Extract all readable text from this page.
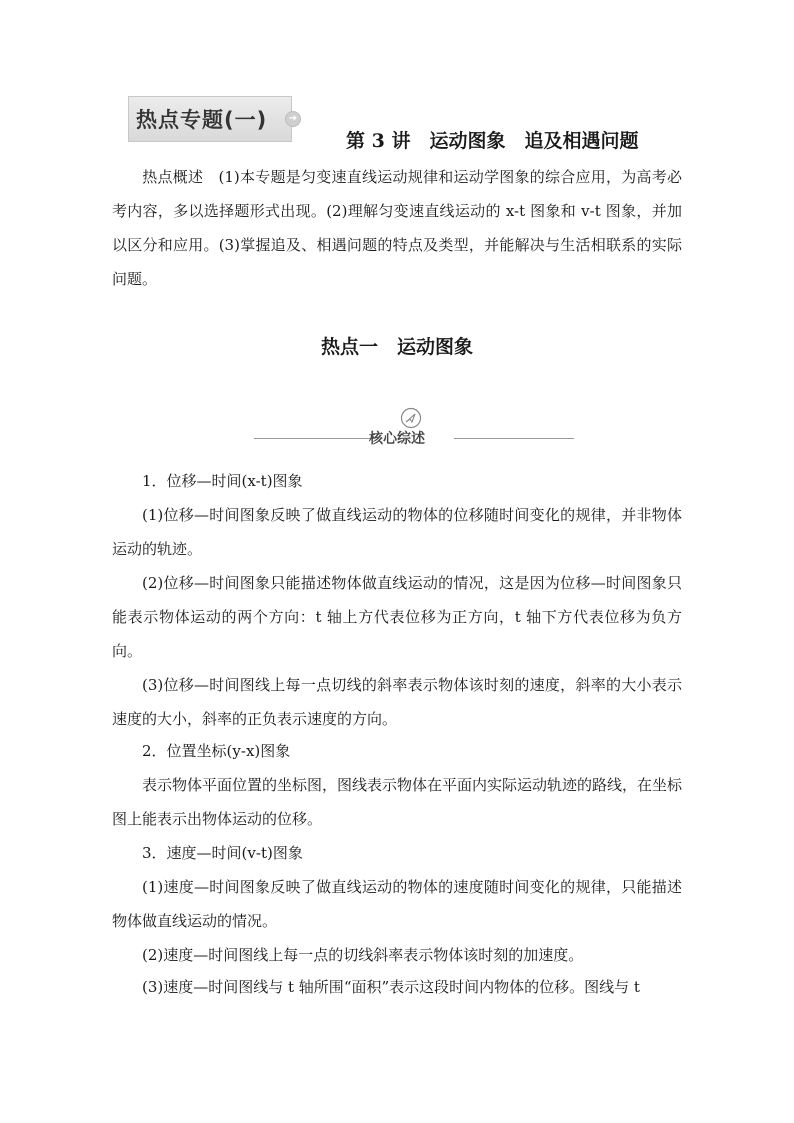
热点专题(一)	➔
第 3 讲　运动图象　追及相遇问题

热点概述　(1)本专题是匀变速直线运动规律和运动学图象的综合应用，为高考必考内容，多以选择题形式出现。(2)理解匀变速直线运动的 x-t 图象和 v-t 图象，并加以区分和应用。(3)掌握追及、相遇问题的特点及类型，并能解决与生活相联系的实际问题。

热点一　运动图象
核心综述

1．位移—时间(x-t)图象

(1)位移—时间图象反映了做直线运动的物体的位移随时间变化的规律，并非物体运动的轨迹。

(2)位移—时间图象只能描述物体做直线运动的情况，这是因为位移—时间图象只能表示物体运动的两个方向：t 轴上方代表位移为正方向，t 轴下方代表位移为负方向。

(3)位移—时间图线上每一点切线的斜率表示物体该时刻的速度，斜率的大小表示速度的大小，斜率的正负表示速度的方向。

2．位置坐标(y-x)图象

表示物体平面位置的坐标图，图线表示物体在平面内实际运动轨迹的路线，在坐标图上能表示出物体运动的位移。

3．速度—时间(v-t)图象

(1)速度—时间图象反映了做直线运动的物体的速度随时间变化的规律，只能描述物体做直线运动的情况。

(2)速度—时间图线上每一点的切线斜率表示物体该时刻的加速度。

(3)速度—时间图线与 t 轴所围“面积”表示这段时间内物体的位移。图线与 t
